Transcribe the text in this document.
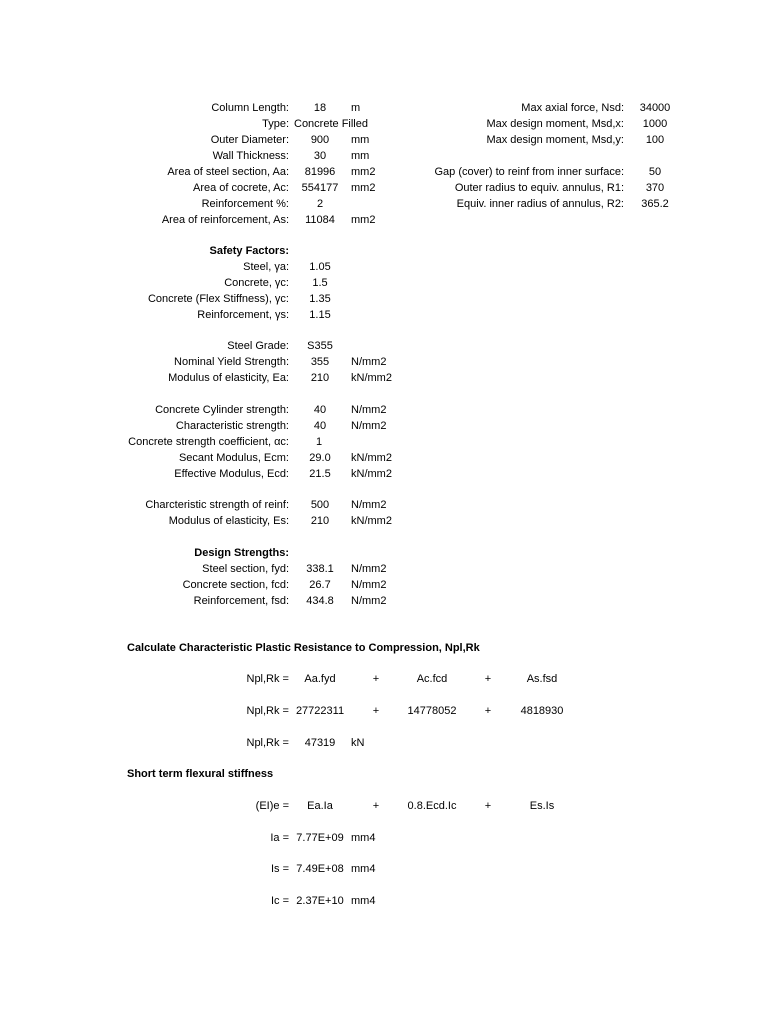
Column Length:	18	m
Type: Concrete Filled
Outer Diameter:	900	mm
Wall Thickness:	30	mm
Area of steel section, Aa:	81996	mm2
Area of cocrete, Ac:	554177	mm2
Reinforcement %:	2
Area of reinforcement, As:	11084	mm2
Max axial force, Nsd:	34000
Max design moment, Msd,x:	1000
Max design moment, Msd,y:	100
Gap (cover) to reinf from inner surface:	50
Outer radius to equiv. annulus, R1:	370
Equiv. inner radius of annulus, R2:	365.2
Safety Factors:
Steel, γa:	1.05
Concrete, γc:	1.5
Concrete (Flex Stiffness), γc:	1.35
Reinforcement, γs:	1.15
Steel Grade:	S355
Nominal Yield Strength:	355	N/mm2
Modulus of elasticity, Ea:	210	kN/mm2
Concrete Cylinder strength:	40	N/mm2
Characteristic strength:	40	N/mm2
Concrete strength coefficient, αc:	1
Secant Modulus, Ecm:	29.0	kN/mm2
Effective Modulus, Ecd:	21.5	kN/mm2
Charcteristic strength of reinf:	500	N/mm2
Modulus of elasticity, Es:	210	kN/mm2
Design Strengths:
Steel section, fyd:	338.1	N/mm2
Concrete section, fcd:	26.7	N/mm2
Reinforcement, fsd:	434.8	N/mm2
Calculate Characteristic Plastic Resistance to Compression, Npl,Rk
Npl,Rk =	Aa.fyd	+	Ac.fcd	+	As.fsd
Npl,Rk = 27722311	+	14778052	+	4818930
Npl,Rk =	47319	kN
Short term flexural stiffness
(EI)e =	Ea.Ia	+	0.8.Ecd.Ic	+	Es.Is
Ia = 7.77E+09 mm4
Is = 7.49E+08 mm4
Ic = 2.37E+10 mm4
